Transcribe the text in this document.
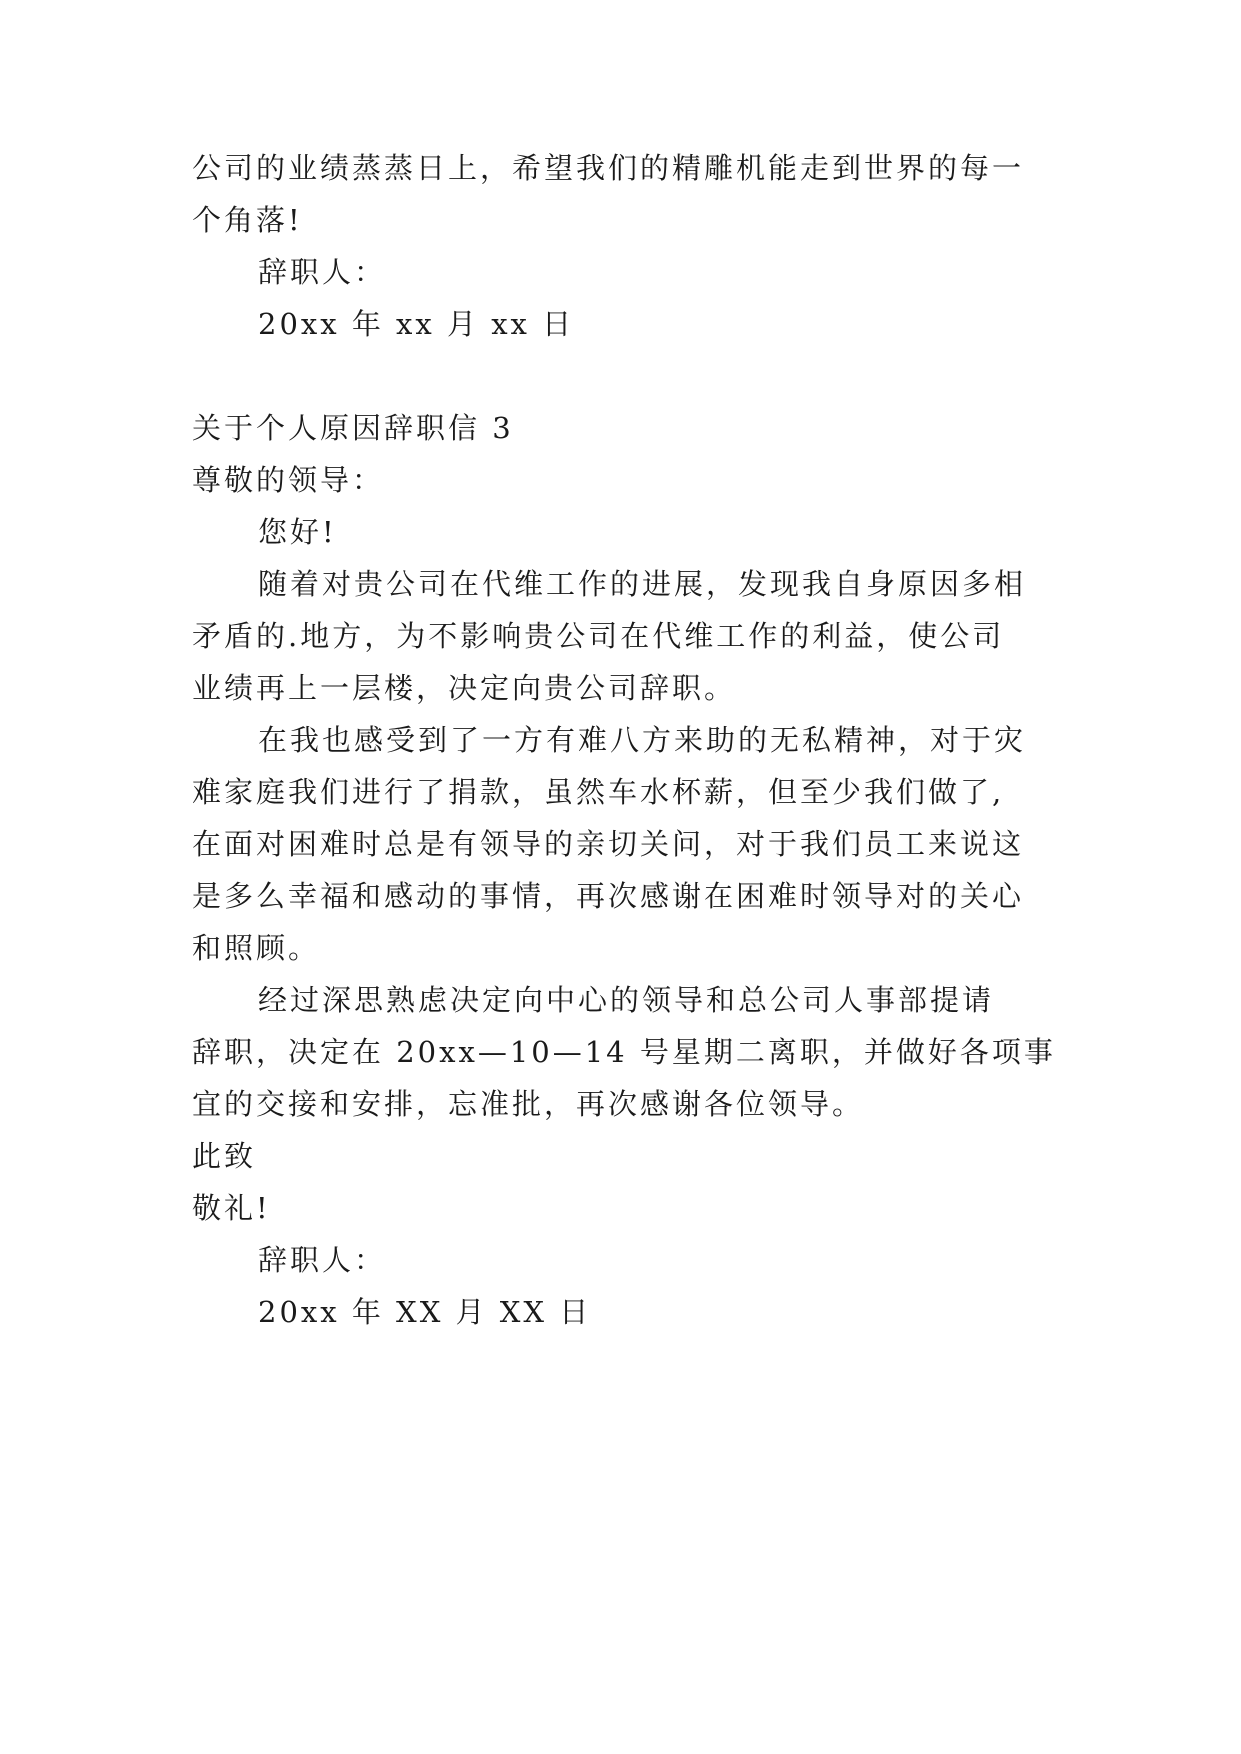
公司的业绩蒸蒸日上，希望我们的精雕机能走到世界的每一
个角落!
辞职人：
20xx 年 xx 月 xx 日
关于个人原因辞职信 3
尊敬的领导：
您好!
随着对贵公司在代维工作的进展，发现我自身原因多相
矛盾的.地方，为不影响贵公司在代维工作的利益，使公司
业绩再上一层楼，决定向贵公司辞职。
在我也感受到了一方有难八方来助的无私精神，对于灾
难家庭我们进行了捐款，虽然车水杯薪，但至少我们做了,
在面对困难时总是有领导的亲切关问，对于我们员工来说这
是多么幸福和感动的事情，再次感谢在困难时领导对的关心
和照顾。
经过深思熟虑决定向中心的领导和总公司人事部提请
辞职，决定在 20xx—10—14 号星期二离职，并做好各项事
宜的交接和安排，忘准批，再次感谢各位领导。
此致
敬礼!
辞职人：
20xx 年 XX 月 XX 日
